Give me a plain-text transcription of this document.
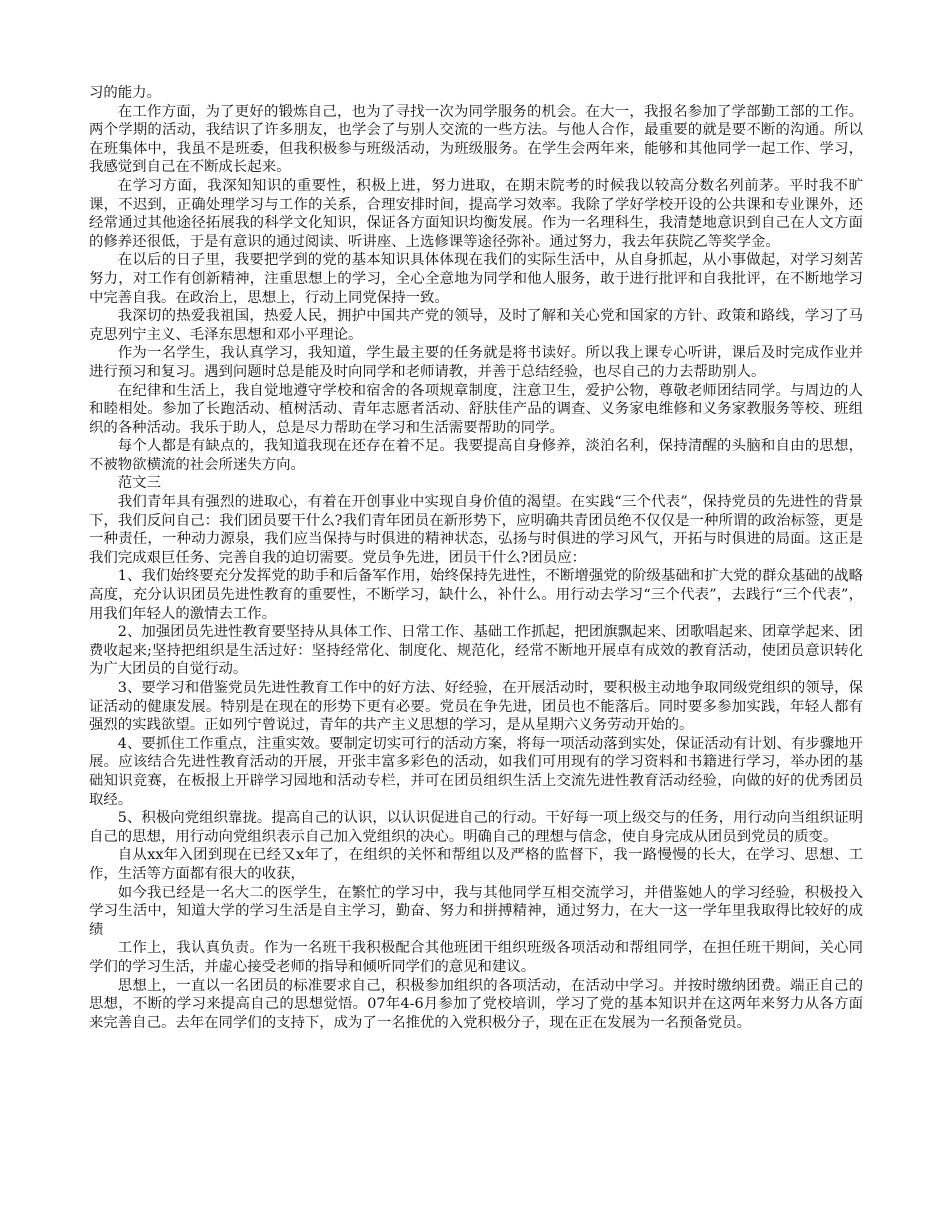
习的能力。

在工作方面，为了更好的锻炼自己，也为了寻找一次为同学服务的机会。在大一，我报名参加了学部勤工部的工作。两个学期的活动，我结识了许多朋友，也学会了与别人交流的一些方法。与他人合作，最重要的就是要不断的沟通。所以在班集体中，我虽不是班委，但我积极参与班级活动，为班级服务。在学生会两年来，能够和其他同学一起工作、学习，我感觉到自己在不断成长起来。

在学习方面，我深知知识的重要性，积极上进，努力进取，在期末院考的时候我以较高分数名列前茅。平时我不旷课，不迟到，正确处理学习与工作的关系，合理安排时间，提高学习效率。我除了学好学校开设的公共课和专业课外，还经常通过其他途径拓展我的科学文化知识，保证各方面知识均衡发展。作为一名理科生，我清楚地意识到自己在人文方面的修养还很低，于是有意识的通过阅读、听讲座、上选修课等途径弥补。通过努力，我去年获院乙等奖学金。

在以后的日子里，我要把学到的党的基本知识具体体现在我们的实际生活中，从自身抓起，从小事做起，对学习刻苦努力，对工作有创新精神，注重思想上的学习，全心全意地为同学和他人服务，敢于进行批评和自我批评，在不断地学习中完善自我。在政治上，思想上，行动上同党保持一致。

我深切的热爱我祖国，热爱人民，拥护中国共产党的领导，及时了解和关心党和国家的方针、政策和路线，学习了马克思列宁主义、毛泽东思想和邓小平理论。

作为一名学生，我认真学习，我知道，学生最主要的任务就是将书读好。所以我上课专心听讲，课后及时完成作业并进行预习和复习。遇到问题时总是能及时向同学和老师请教，并善于总结经验，也尽自己的力去帮助别人。

在纪律和生活上，我自觉地遵守学校和宿舍的各项规章制度，注意卫生，爱护公物，尊敬老师团结同学。与周边的人和睦相处。参加了长跑活动、植树活动、青年志愿者活动、舒肤佳产品的调查、义务家电维修和义务家教服务等校、班组织的各种活动。我乐于助人，总是尽力帮助在学习和生活需要帮助的同学。

每个人都是有缺点的，我知道我现在还存在着不足。我要提高自身修养，淡泊名利，保持清醒的头脑和自由的思想，不被物欲横流的社会所迷失方向。

范文三

我们青年具有强烈的进取心，有着在开创事业中实现自身价值的渴望。在实践“三个代表”，保持党员的先进性的背景下，我们反问自己：我们团员要干什么?我们青年团员在新形势下，应明确共青团员绝不仅仅是一种所谓的政治标签，更是一种责任，一种动力源泉，我们应当保持与时俱进的精神状态，弘扬与时俱进的学习风气，开拓与时俱进的局面。这正是我们完成艰巨任务、完善自我的迫切需要。党员争先进，团员干什么?团员应：

1、我们始终要充分发挥党的助手和后备军作用，始终保持先进性，不断增强党的阶级基础和扩大党的群众基础的战略高度，充分认识团员先进性教育的重要性，不断学习，缺什么，补什么。用行动去学习“三个代表”，去践行“三个代表”，用我们年轻人的激情去工作。

2、加强团员先进性教育要坚持从具体工作、日常工作、基础工作抓起，把团旗飘起来、团歌唱起来、团章学起来、团费收起来;坚持把组织是生活过好：坚持经常化、制度化、规范化，经常不断地开展卓有成效的教育活动，使团员意识转化为广大团员的自觉行动。

3、要学习和借鉴党员先进性教育工作中的好方法、好经验，在开展活动时，要积极主动地争取同级党组织的领导，保证活动的健康发展。特别是在现在的形势下更有必要。党员在争先进，团员也不能落后。同时要多参加实践，年轻人都有强烈的实践欲望。正如列宁曾说过，青年的共产主义思想的学习，是从星期六义务劳动开始的。

4、要抓住工作重点，注重实效。要制定切实可行的活动方案，将每一项活动落到实处，保证活动有计划、有步骤地开展。应该结合先进性教育活动的开展，开张丰富多彩色的活动，如我们可用现有的学习资料和书籍进行学习，举办团的基础知识竞赛，在板报上开辟学习园地和活动专栏，并可在团员组织生活上交流先进性教育活动经验，向做的好的优秀团员取经。

5、积极向党组织靠拢。提高自己的认识，以认识促进自己的行动。干好每一项上级交与的任务，用行动向当组织证明自己的思想，用行动向党组织表示自己加入党组织的决心。明确自己的理想与信念，使自身完成从团员到党员的质变。

自从xx年入团到现在已经又x年了，在组织的关怀和帮组以及严格的监督下，我一路慢慢的长大，在学习、思想、工作，生活等方面都有很大的收获，

如今我已经是一名大二的医学生，在繁忙的学习中，我与其他同学互相交流学习，并借鉴她人的学习经验，积极投入学习生活中，知道大学的学习生活是自主学习，勤奋、努力和拼搏精神，通过努力，在大一这一学年里我取得比较好的成绩

工作上，我认真负责。作为一名班干我积极配合其他班团干组织班级各项活动和帮组同学，在担任班干期间，关心同学们的学习生活，并虚心接受老师的指导和倾听同学们的意见和建议。

思想上，一直以一名团员的标准要求自己，积极参加组织的各项活动，在活动中学习。并按时缴纳团费。端正自己的思想，不断的学习来提高自己的思想觉悟。07年4-6月参加了党校培训，学习了党的基本知识并在这两年来努力从各方面来完善自己。去年在同学们的支持下，成为了一名推优的入党积极分子，现在正在发展为一名预备党员。
